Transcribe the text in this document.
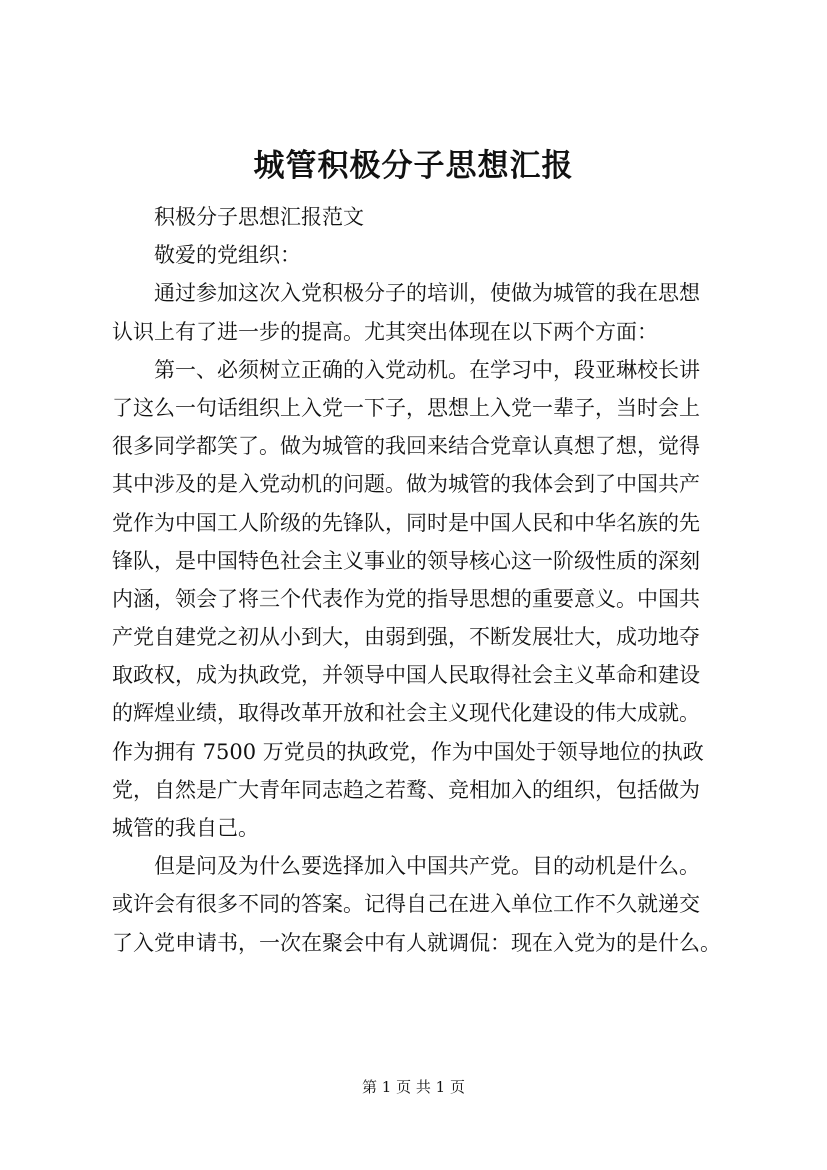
城管积极分子思想汇报
积极分子思想汇报范文
敬爱的党组织：
通过参加这次入党积极分子的培训，使做为城管的我在思想
认识上有了进一步的提高。尤其突出体现在以下两个方面：
第一、必须树立正确的入党动机。在学习中，段亚琳校长讲
了这么一句话组织上入党一下子，思想上入党一辈子，当时会上
很多同学都笑了。做为城管的我回来结合党章认真想了想，觉得
其中涉及的是入党动机的问题。做为城管的我体会到了中国共产
党作为中国工人阶级的先锋队，同时是中国人民和中华名族的先
锋队，是中国特色社会主义事业的领导核心这一阶级性质的深刻
内涵，领会了将三个代表作为党的指导思想的重要意义。中国共
产党自建党之初从小到大，由弱到强，不断发展壮大，成功地夺
取政权，成为执政党，并领导中国人民取得社会主义革命和建设
的辉煌业绩，取得改革开放和社会主义现代化建设的伟大成就。
作为拥有 7500 万党员的执政党，作为中国处于领导地位的执政
党，自然是广大青年同志趋之若鹜、竞相加入的组织，包括做为
城管的我自己。
但是问及为什么要选择加入中国共产党。目的动机是什么。
或许会有很多不同的答案。记得自己在进入单位工作不久就递交
了入党申请书，一次在聚会中有人就调侃：现在入党为的是什么。
第 1 页 共 1 页
